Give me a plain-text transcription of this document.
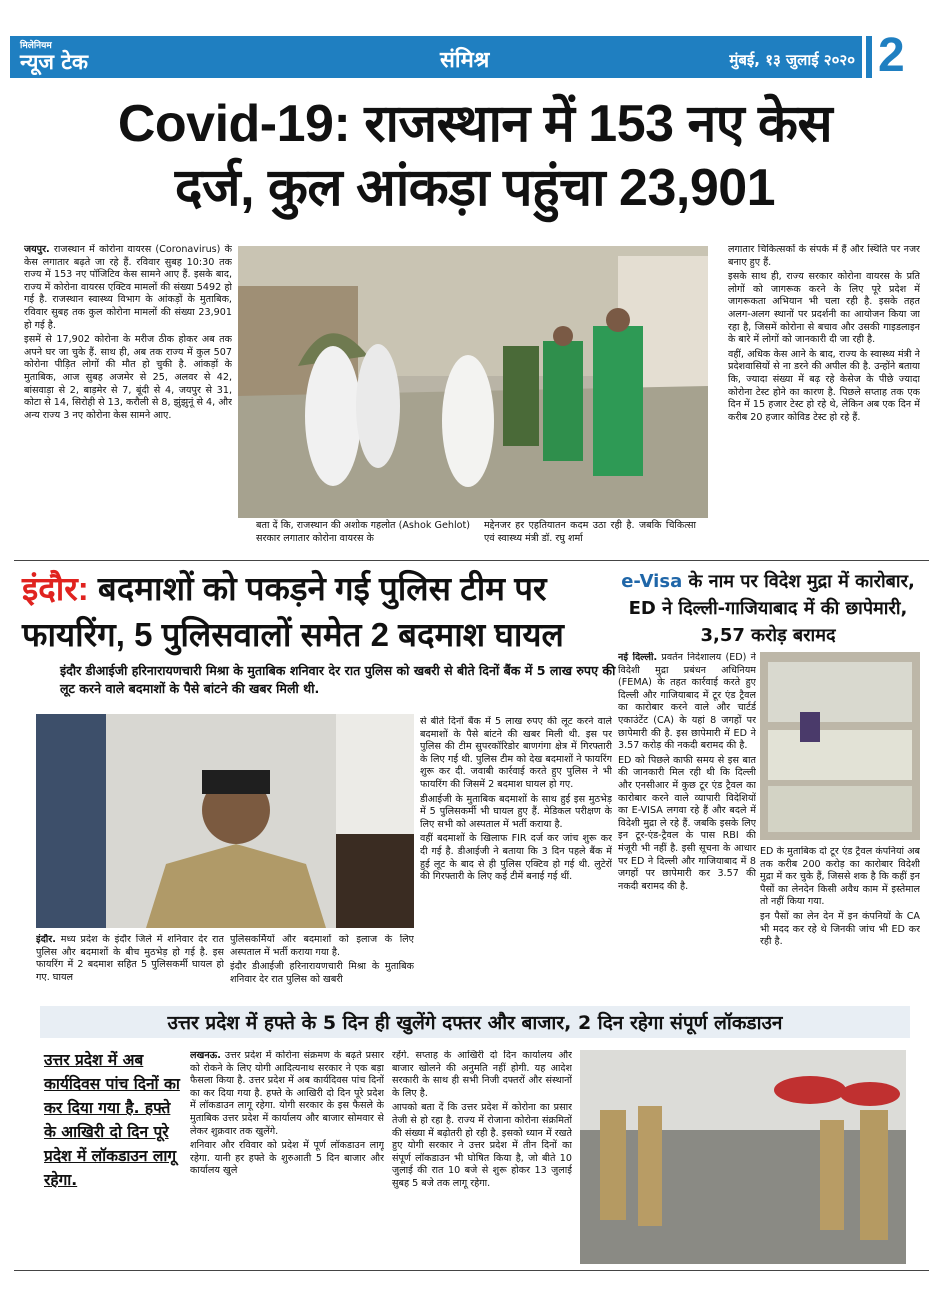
मिलेनियम
न्यूज टेक	संमिश्र	मुंबई, १३ जुलाई २०२० 2
Covid-19: राजस्थान में 153 नए केस
दर्ज, कुल आंकड़ा पहुंचा 23,901

जयपुर. राजस्थान में कोरोना वायरस (Coronavirus) के केस लगातार बढ़ते जा रहे हैं. रविवार सुबह 10:30 तक राज्य में 153 नए पॉजिटिव केस सामने आए हैं. इसके बाद, राज्य में कोरोना वायरस एक्टिव मामलों की संख्या 5492 हो गई है. राजस्थान स्वास्थ्य विभाग के आंकड़ों के मुताबिक, रविवार सुबह तक कुल कोरोना मामलों की संख्या 23,901 हो गई है.

इसमें से 17,902 कोरोना के मरीज ठीक होकर अब तक अपने घर जा चुके हैं. साथ ही, अब तक राज्य में कुल 507 कोरोना पीड़ित लोगों की मौत हो चुकी है. आंकड़ों के मुताबिक, आज सुबह अजमेर से 25, अलवर से 42, बांसवाड़ा से 2, बाड़मेर से 7, बूंदी से 4, जयपुर से 31, कोटा से 14, सिरोही से 13, करौली से 8, झुंझुनूं से 4, और अन्य राज्य 3 नए कोरोना केस सामने आए.

बता दें कि, राजस्थान की अशोक गहलोत (Ashok Gehlot) सरकार लगातार कोरोना वायरस के
मद्देनजर हर एहतियातन कदम उठा रही है. जबकि चिकित्सा एवं स्वास्थ्य मंत्री डॉ. रघु शर्मा

लगातार चिकित्सकों के संपर्क में हैं और स्थिति पर नजर बनाए हुए हैं.

इसके साथ ही, राज्य सरकार कोरोना वायरस के प्रति लोगों को जागरूक करने के लिए पूरे प्रदेश में जागरूकता अभियान भी चला रही है. इसके तहत अलग-अलग स्थानों पर प्रदर्शनी का आयोजन किया जा रहा है, जिसमें कोरोना से बचाव और उसकी गाइडलाइन के बारे में लोगों को जानकारी दी जा रही है.

वहीं, अधिक केस आने के बाद, राज्य के स्वास्थ्य मंत्री ने प्रदेशवासियों से ना डरने की अपील की है. उन्होंने बताया कि, ज्यादा संख्या में बढ़ रहे केसेज के पीछे ज्यादा कोरोना टेस्ट होने का कारण है. पिछले सप्ताह तक एक दिन में 15 हजार टेस्ट हो रहे थे, लेकिन अब एक दिन में करीब 20 हजार कोविड टेस्ट हो रहे हैं.

इंदौर: बदमाशों को पकड़ने गई पुलिस टीम पर फायरिंग, 5 पुलिसवालों समेत 2 बदमाश घायल
इंदौर डीआईजी हरिनारायणचारी मिश्रा के मुताबिक शनिवार देर रात पुलिस को खबरी से बीते दिनों बैंक में 5 लाख रुपए की लूट करने वाले बदमाशों के पैसे बांटने की खबर मिली थी.

से बीते दिनों बैंक में 5 लाख रुपए की लूट करने वाले बदमाशों के पैसे बांटने की खबर मिली थी. इस पर पुलिस की टीम सुपरकॉरिडोर बाणगंगा क्षेत्र में गिरफ्तारी के लिए गई थी. पुलिस टीम को देख बदमाशों ने फायरिंग शुरू कर दी. जवाबी कार्रवाई करते हुए पुलिस ने भी फायरिंग की जिसमें 2 बदमाश घायल हो गए.

डीआईजी के मुताबिक बदमाशों के साथ हुई इस मुठभेड़ में 5 पुलिसकर्मी भी घायल हुए हैं. मेडिकल परीक्षण के लिए सभी को अस्पताल में भर्ती कराया है.

वहीं बदमाशों के खिलाफ FIR दर्ज कर जांच शुरू कर दी गई है. डीआईजी ने बताया कि 3 दिन पहले बैंक में हुई लूट के बाद से ही पुलिस एक्टिव हो गई थी. लुटेरों की गिरफ्तारी के लिए कई टीमें बनाई गई थीं.

इंदौर. मध्य प्रदेश के इंदौर जिले में शनिवार देर रात पुलिस और बदमाशों के बीच मुठभेड़ हो गई है. इस फायरिंग में 2 बदमाश सहित 5 पुलिसकर्मी घायल हो गए. घायल

पुलिसकर्मियों और बदमाशों को इलाज के लिए अस्पताल में भर्ती कराया गया है.

इंदौर डीआईजी हरिनारायणचारी मिश्रा के मुताबिक शनिवार देर रात पुलिस को खबरी

e-Visa के नाम पर विदेश मुद्रा में कारोबार, ED ने दिल्ली-गाजियाबाद में की छापेमारी, 3,57 करोड़ बरामद

नई दिल्ली. प्रवर्तन निदेशालय (ED) ने विदेशी मुद्रा प्रबंधन अधिनियम (FEMA) के तहत कार्रवाई करते हुए दिल्ली और गाजियाबाद में टूर एंड ट्रैवल का कारोबार करने वाले और चार्टर्ड एकाउंटेंट (CA) के यहां 8 जगहों पर छापेमारी की है. इस छापेमारी में ED ने 3.57 करोड़ की नकदी बरामद की है.

ED को पिछले काफी समय से इस बात की जानकारी मिल रही थी कि दिल्ली और एनसीआर में कुछ टूर एंड ट्रैवल का कारोबार करने वाले व्यापारी विदेशियों का E-VISA लगवा रहे हैं और बदले में विदेशी मुद्रा ले रहे हैं. जबकि इसके लिए इन टूर-एंड-ट्रैवल के पास RBI की मंजूरी भी नहीं है. इसी सूचना के आधार पर ED ने दिल्ली और गाजियाबाद में 8 जगहों पर छापेमारी कर 3.57 की नकदी बरामद की है.

ED के मुताबिक दो टूर एंड ट्रैवल कंपनियां अब तक करीब 200 करोड़ का कारोबार विदेशी मुद्रा में कर चुके हैं, जिससे शक है कि कहीं इन पैसों का लेनदेन किसी अवैध काम में इस्तेमाल तो नहीं किया गया.

इन पैसों का लेन देन में इन कंपनियों के CA भी मदद कर रहे थे जिनकी जांच भी ED कर रही है.

उत्तर प्रदेश में हफ्ते के 5 दिन ही खुलेंगे दफ्तर और बाजार, 2 दिन रहेगा संपूर्ण लॉकडाउन
उत्तर प्रदेश में अब कार्यदिवस पांच दिनों का कर दिया गया है. हफ्ते के आखिरी दो दिन पूरे प्रदेश में लॉकडाउन लागू रहेगा.

लखनऊ. उत्तर प्रदेश में कोरोना संक्रमण के बढ़ते प्रसार को रोकने के लिए योगी आदित्यनाथ सरकार ने एक बड़ा फैसला किया है. उत्तर प्रदेश में अब कार्यदिवस पांच दिनों का कर दिया गया है. हफ्ते के आखिरी दो दिन पूरे प्रदेश में लॉकडाउन लागू रहेगा. योगी सरकार के इस फैसले के मुताबिक उत्तर प्रदेश में कार्यालय और बाजार सोमवार से लेकर शुक्रवार तक खुलेंगे.

शनिवार और रविवार को प्रदेश में पूर्ण लॉकडाउन लागू रहेगा. यानी हर हफ्ते के शुरुआती 5 दिन बाजार और कार्यालय खुले

रहेंगे. सप्ताह के आखिरी दो दिन कार्यालय और बाजार खोलने की अनुमति नहीं होगी. यह आदेश सरकारी के साथ ही सभी निजी दफ्तरों और संस्थानों के लिए है.

आपको बता दें कि उत्तर प्रदेश में कोरोना का प्रसार तेजी से हो रहा है. राज्य में रोजाना कोरोना संक्रमितों की संख्या में बढ़ोतरी हो रही है. इसको ध्यान में रखते हुए योगी सरकार ने उत्तर प्रदेश में तीन दिनों का संपूर्ण लॉकडाउन भी घोषित किया है, जो बीते 10 जुलाई की रात 10 बजे से शुरू होकर 13 जुलाई सुबह 5 बजे तक लागू रहेगा.
